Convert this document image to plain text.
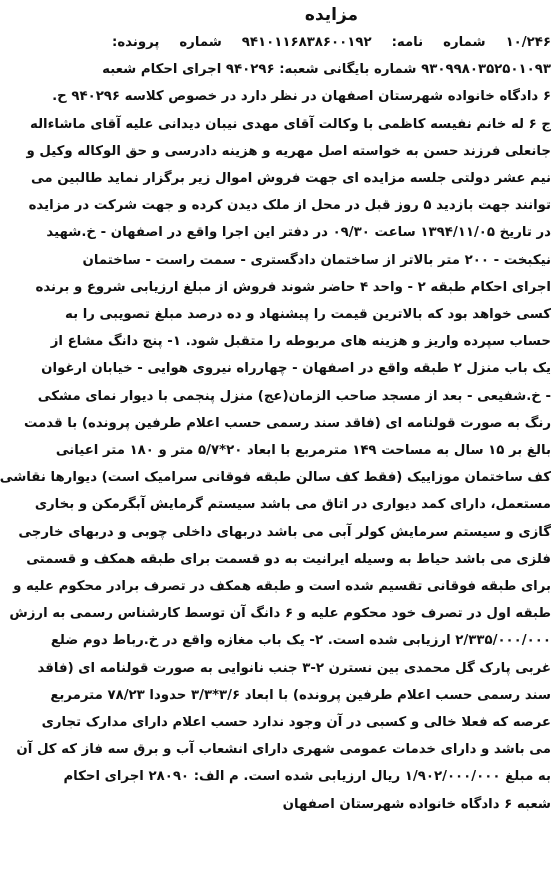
مزایده
۱۰/۲۴۶ شماره نامه: ۹۴۱۰۱۱۶۸۳۸۶۰۰۱۹۲ شماره پرونده:
۹۳۰۹۹۸۰۳۵۲۵۰۱۰۹۳ شماره بایگانی شعبه: ۹۴۰۲۹۶ اجرای احکام شعبه
۶ دادگاه خانواده شهرستان اصفهان در نظر دارد در خصوص کلاسه ۹۴۰۲۹۶ ح.
ج ۶ له خانم نفیسه کاظمی با وکالت آقای مهدی نیبان دیدانی علیه آقای ماشاءاله
جانعلی فرزند حسن به خواسته اصل مهریه و هزینه دادرسی و حق الوکاله وکیل و
نیم عشر دولتی جلسه مزایده ای جهت فروش اموال زیر برگزار نماید طالبین می
توانند جهت بازدید ۵ روز قبل در محل از ملک دیدن کرده و جهت شرکت در مزایده
در تاریخ ۱۳۹۴/۱۱/۰۵ ساعت ۰۹/۳۰ در دفتر این اجرا واقع در اصفهان - خ.شهید
نیکبخت - ۲۰۰ متر بالاتر از ساختمان دادگستری - سمت راست - ساختمان
اجرای احکام طبقه ۲ - واحد ۴ حاضر شوند فروش از مبلغ ارزیابی شروع و برنده
کسی خواهد بود که بالاترین قیمت را پیشنهاد و ده درصد مبلغ تصویبی را به
حساب سپرده واریز و هزینه های مربوطه را متقبل شود. ۱- پنج دانگ مشاع از
یک باب منزل ۲ طبقه واقع در اصفهان - چهارراه نیروی هوایی - خیابان ارغوان
- خ.شفیعی - بعد از مسجد صاحب الزمان(عج) منزل پنجمی با دیوار نمای مشکی
رنگ به صورت قولنامه ای (فاقد سند رسمی حسب اعلام طرفین پرونده) با قدمت
بالغ بر ۱۵ سال به مساحت ۱۴۹ مترمربع با ابعاد ۲۰*۵/۷ متر و ۱۸۰ متر اعیانی
کف ساختمان موزاییک (فقط کف سالن طبقه فوقانی سرامیک است) دیوارها نقاشی
مستعمل، دارای کمد دیواری در اتاق می باشد سیستم گرمایش آبگرمکن و بخاری
گازی و سیستم سرمایش کولر آبی می باشد دربهای داخلی چوبی و دربهای خارجی
فلزی می باشد حیاط به وسیله ایرانیت به دو قسمت برای طبقه همکف و قسمتی
برای طبقه فوقانی تقسیم شده است و طبقه همکف در تصرف برادر محکوم علیه و
طبقه اول در تصرف خود محکوم علیه و ۶ دانگ آن توسط کارشناس رسمی به ارزش
۲/۳۳۵/۰۰۰/۰۰۰ ارزیابی شده است. ۲- یک باب مغازه واقع در خ.رباط دوم ضلع
غربی پارک گل محمدی بین نسترن ۲-۳ جنب نانوایی به صورت قولنامه ای (فاقد
سند رسمی حسب اعلام طرفین پرونده) با ابعاد ۳/۶*۳/۳ حدودا ۷۸/۲۳ مترمربع
عرصه که فعلا خالی و کسبی در آن وجود ندارد حسب اعلام دارای مدارک تجاری
می باشد و دارای خدمات عمومی شهری دارای انشعاب آب و برق سه فاز که کل آن
به مبلغ ۱/۹۰۲/۰۰۰/۰۰۰ ریال ارزیابی شده است. م الف: ۲۸۰۹۰ اجرای احکام
شعبه ۶ دادگاه خانواده شهرستان اصفهان
